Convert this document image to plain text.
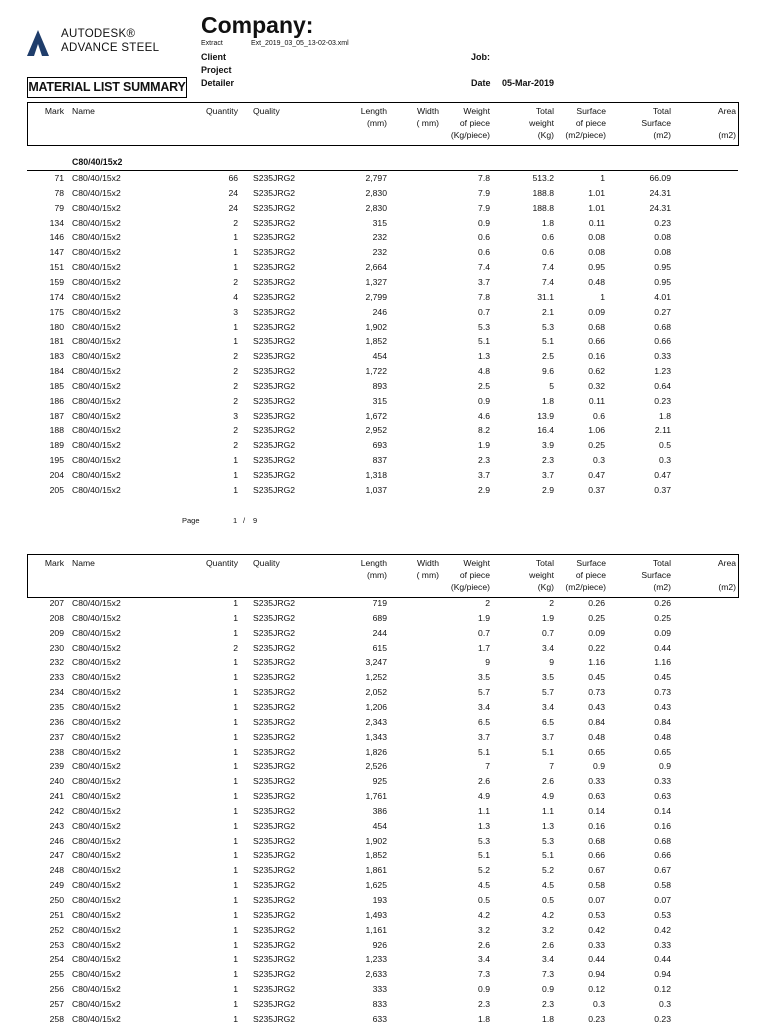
AUTODESK®
ADVANCE STEEL
Company:
Extract	Ext_2019_03_05_13-02-03.xml
Client
Project
Detailer
Job:
Date 05-Mar-2019
MATERIAL LIST SUMMARY
Mark Name	Quantity Quality	Length
(mm)
Width
( mm)
Weight
of piece
(Kg/piece)
Total
weight
(Kg)
Surface
of piece
(m2/piece)
Total
Surface
(m2)
Area
(m2)
C80/40/15x2
71 C80/40/15x2	66 S235JRG2	2,797	7.8	513.2	1	66.09
78 C80/40/15x2	24 S235JRG2	2,830	7.9	188.8	1.01	24.31
79 C80/40/15x2	24 S235JRG2	2,830	7.9	188.8	1.01	24.31
134 C80/40/15x2	2 S235JRG2	315	0.9	1.8	0.11	0.23
146 C80/40/15x2	1 S235JRG2	232	0.6	0.6	0.08	0.08
147 C80/40/15x2	1 S235JRG2	232	0.6	0.6	0.08	0.08
151 C80/40/15x2	1 S235JRG2	2,664	7.4	7.4	0.95	0.95
159 C80/40/15x2	2 S235JRG2	1,327	3.7	7.4	0.48	0.95
174 C80/40/15x2	4 S235JRG2	2,799	7.8	31.1	1	4.01
175 C80/40/15x2	3 S235JRG2	246	0.7	2.1	0.09	0.27
180 C80/40/15x2	1 S235JRG2	1,902	5.3	5.3	0.68	0.68
181 C80/40/15x2	1 S235JRG2	1,852	5.1	5.1	0.66	0.66
183 C80/40/15x2	2 S235JRG2	454	1.3	2.5	0.16	0.33
184 C80/40/15x2	2 S235JRG2	1,722	4.8	9.6	0.62	1.23
185 C80/40/15x2	2 S235JRG2	893	2.5	5	0.32	0.64
186 C80/40/15x2	2 S235JRG2	315	0.9	1.8	0.11	0.23
187 C80/40/15x2	3 S235JRG2	1,672	4.6	13.9	0.6	1.8
188 C80/40/15x2	2 S235JRG2	2,952	8.2	16.4	1.06	2.11
189 C80/40/15x2	2 S235JRG2	693	1.9	3.9	0.25	0.5
195 C80/40/15x2	1 S235JRG2	837	2.3	2.3	0.3	0.3
204 C80/40/15x2	1 S235JRG2	1,318	3.7	3.7	0.47	0.47
205 C80/40/15x2	1 S235JRG2	1,037	2.9	2.9	0.37	0.37
Page	1 / 9
Mark Name	Quantity Quality	Length
(mm)
Width
( mm)
Weight
of piece
(Kg/piece)
Total
weight
(Kg)
Surface
of piece
(m2/piece)
Total
Surface
(m2)
Area
(m2)
207 C80/40/15x2	1 S235JRG2	719	2	2	0.26	0.26
208 C80/40/15x2	1 S235JRG2	689	1.9	1.9	0.25	0.25
209 C80/40/15x2	1 S235JRG2	244	0.7	0.7	0.09	0.09
230 C80/40/15x2	2 S235JRG2	615	1.7	3.4	0.22	0.44
232 C80/40/15x2	1 S235JRG2	3,247	9	9	1.16	1.16
233 C80/40/15x2	1 S235JRG2	1,252	3.5	3.5	0.45	0.45
234 C80/40/15x2	1 S235JRG2	2,052	5.7	5.7	0.73	0.73
235 C80/40/15x2	1 S235JRG2	1,206	3.4	3.4	0.43	0.43
236 C80/40/15x2	1 S235JRG2	2,343	6.5	6.5	0.84	0.84
237 C80/40/15x2	1 S235JRG2	1,343	3.7	3.7	0.48	0.48
238 C80/40/15x2	1 S235JRG2	1,826	5.1	5.1	0.65	0.65
239 C80/40/15x2	1 S235JRG2	2,526	7	7	0.9	0.9
240 C80/40/15x2	1 S235JRG2	925	2.6	2.6	0.33	0.33
241 C80/40/15x2	1 S235JRG2	1,761	4.9	4.9	0.63	0.63
242 C80/40/15x2	1 S235JRG2	386	1.1	1.1	0.14	0.14
243 C80/40/15x2	1 S235JRG2	454	1.3	1.3	0.16	0.16
246 C80/40/15x2	1 S235JRG2	1,902	5.3	5.3	0.68	0.68
247 C80/40/15x2	1 S235JRG2	1,852	5.1	5.1	0.66	0.66
248 C80/40/15x2	1 S235JRG2	1,861	5.2	5.2	0.67	0.67
249 C80/40/15x2	1 S235JRG2	1,625	4.5	4.5	0.58	0.58
250 C80/40/15x2	1 S235JRG2	193	0.5	0.5	0.07	0.07
251 C80/40/15x2	1 S235JRG2	1,493	4.2	4.2	0.53	0.53
252 C80/40/15x2	1 S235JRG2	1,161	3.2	3.2	0.42	0.42
253 C80/40/15x2	1 S235JRG2	926	2.6	2.6	0.33	0.33
254 C80/40/15x2	1 S235JRG2	1,233	3.4	3.4	0.44	0.44
255 C80/40/15x2	1 S235JRG2	2,633	7.3	7.3	0.94	0.94
256 C80/40/15x2	1 S235JRG2	333	0.9	0.9	0.12	0.12
257 C80/40/15x2	1 S235JRG2	833	2.3	2.3	0.3	0.3
258 C80/40/15x2	1 S235JRG2	633	1.8	1.8	0.23	0.23
